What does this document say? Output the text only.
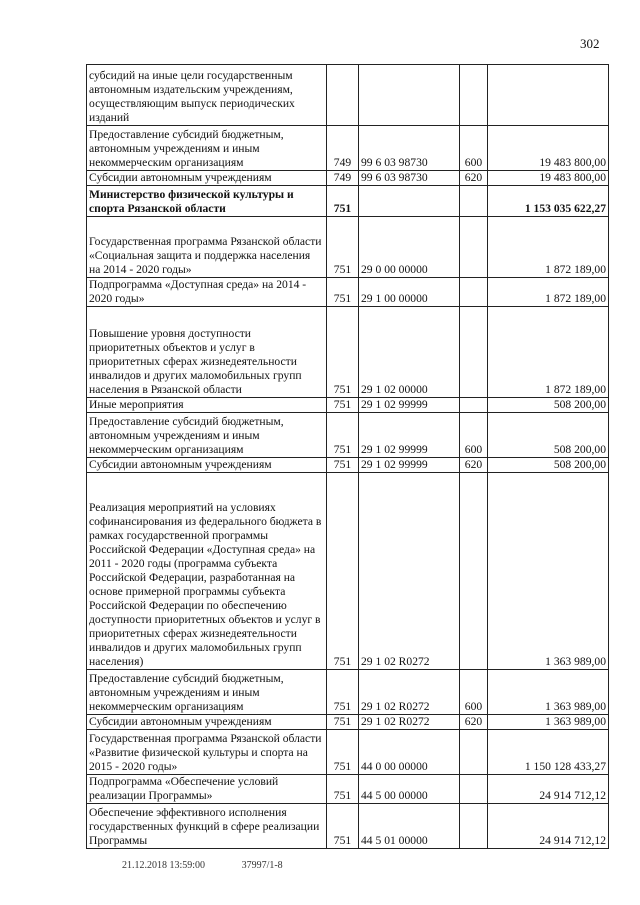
302
субсидий на иные цели государственным автономным издательским учреждениям, осуществляющим выпуск периодических изданий				
Предоставление субсидий бюджетным, автономным учреждениям и иным некоммерческим организациям	749	99 6 03 98730	600	19 483 800,00
Субсидии автономным учреждениям	749	99 6 03 98730	620	19 483 800,00
Министерство физической культуры и спорта Рязанской области	751			1 153 035 622,27
Государственная программа Рязанской области «Социальная защита и поддержка населения на 2014 - 2020 годы»	751	29 0 00 00000		1 872 189,00
Подпрограмма «Доступная среда» на 2014 - 2020 годы»	751	29 1 00 00000		1 872 189,00
Повышение уровня доступности приоритетных объектов и услуг в приоритетных сферах жизнедеятельности инвалидов и других маломобильных групп населения в Рязанской области	751	29 1 02 00000		1 872 189,00
Иные мероприятия	751	29 1 02 99999		508 200,00
Предоставление субсидий бюджетным, автономным учреждениям и иным некоммерческим организациям	751	29 1 02 99999	600	508 200,00
Субсидии автономным учреждениям	751	29 1 02 99999	620	508 200,00
Реализация мероприятий на условиях софинансирования из федерального бюджета в рамках государственной программы Российской Федерации «Доступная среда» на 2011 - 2020 годы (программа субъекта Российской Федерации, разработанная на основе примерной программы субъекта Российской Федерации по обеспечению доступности приоритетных объектов и услуг в приоритетных сферах жизнедеятельности инвалидов и других маломобильных групп населения)	751	29 1 02 R0272		1 363 989,00
Предоставление субсидий бюджетным, автономным учреждениям и иным некоммерческим организациям	751	29 1 02 R0272	600	1 363 989,00
Субсидии автономным учреждениям	751	29 1 02 R0272	620	1 363 989,00
Государственная программа Рязанской области «Развитие физической культуры и спорта на 2015 - 2020 годы»	751	44 0 00 00000		1 150 128 433,27
Подпрограмма «Обеспечение условий реализации Программы»	751	44 5 00 00000		24 914 712,12
Обеспечение эффективного исполнения государственных функций в сфере реализации Программы	751	44 5 01 00000		24 914 712,12
21.12.2018 13:59:00	37997/1-8
